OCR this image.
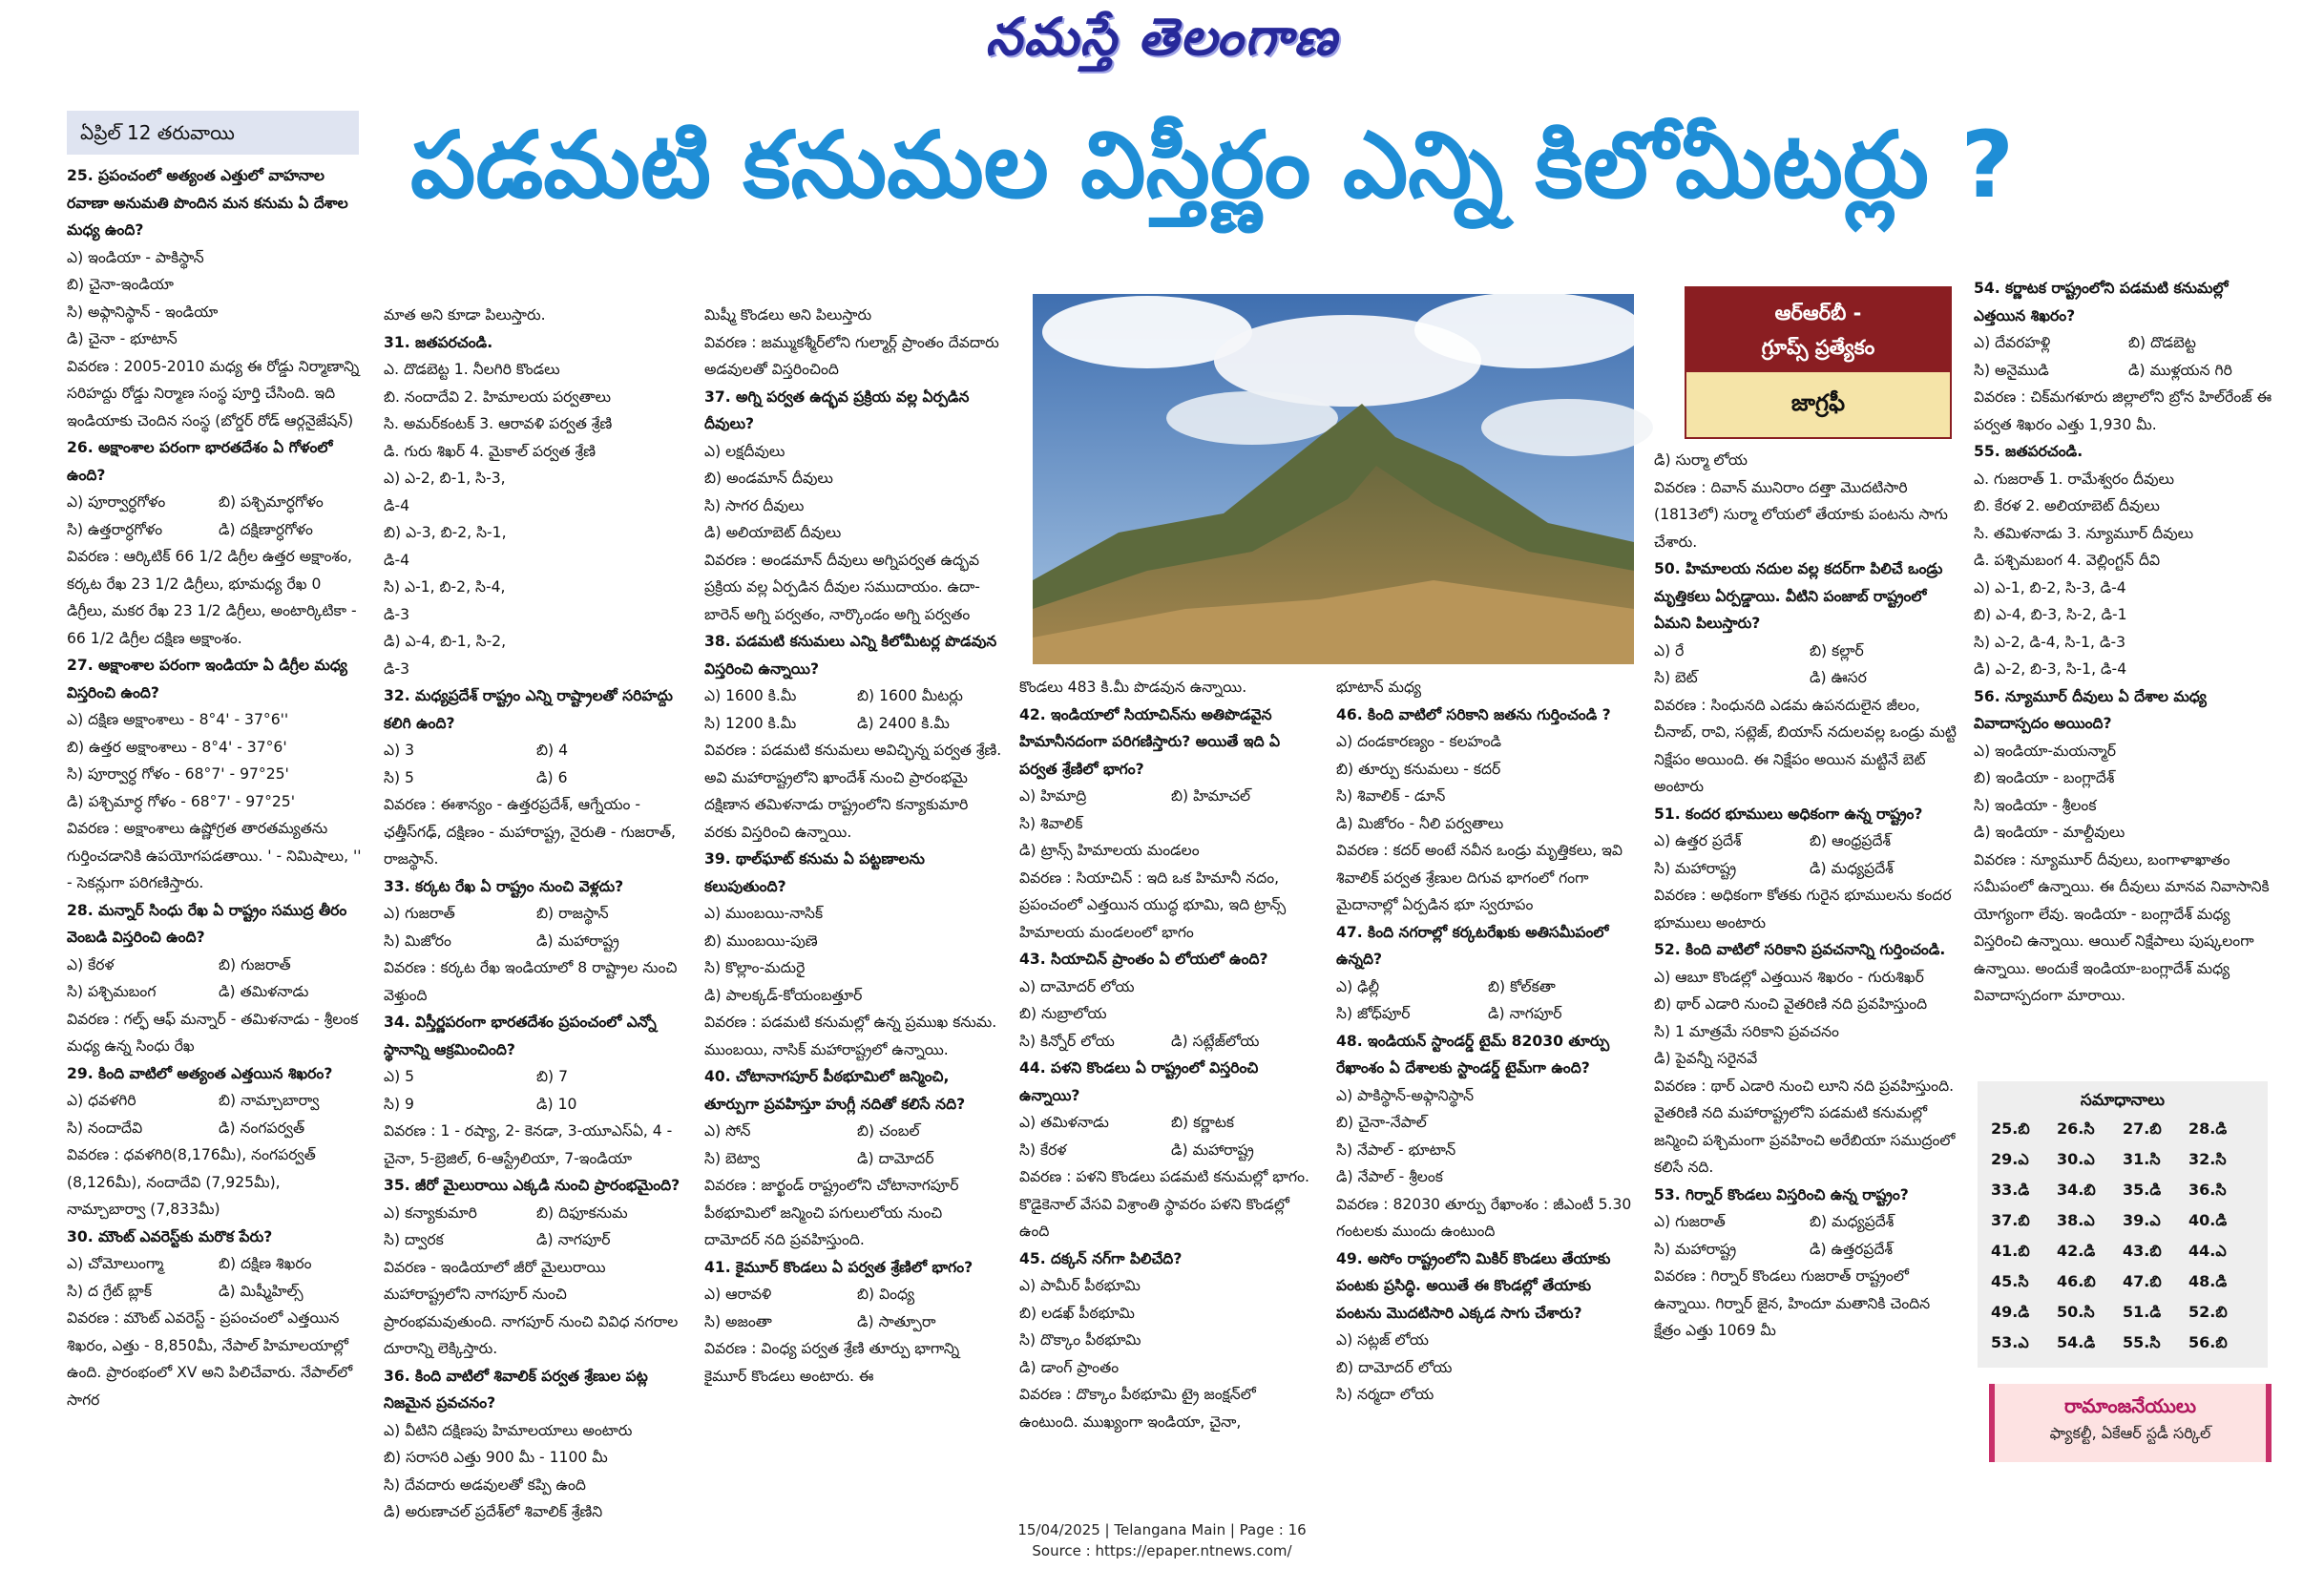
నమస్తే తెలంగాణ
ఏప్రిల్ 12 తరువాయి	పడమటి కనుమల విస్తీర్ణం ఎన్ని కిలోమీటర్లు ?

25. ప్రపంచంలో అత్యంత ఎత్తులో వాహనాల రవాణా అనుమతి పొందిన మన కనుమ ఏ దేశాల మధ్య ఉంది?

ఎ) ఇండియా - పాకిస్థాన్

బి) చైనా-ఇండియా

సి) అఫ్గానిస్థాన్ - ఇండియా

డి) చైనా - భూటాన్

వివరణ : 2005-2010 మధ్య ఈ రోడ్డు నిర్మాణాన్ని సరిహద్దు రోడ్డు నిర్మాణ సంస్థ పూర్తి చేసింది. ఇది ఇండియాకు చెందిన సంస్థ (బోర్డర్ రోడ్ ఆర్గనైజేషన్)

26. అక్షాంశాల పరంగా భారతదేశం ఏ గోళంలో ఉంది?

ఎ) పూర్వార్ధగోళం	బి) పశ్చిమార్ధగోళం
సి) ఉత్తరార్ధగోళం	డి) దక్షిణార్ధగోళం

వివరణ : ఆర్కిటిక్ 66 1/2 డిగ్రీల ఉత్తర అక్షాంశం, కర్కట రేఖ 23 1/2 డిగ్రీలు, భూమధ్య రేఖ 0 డిగ్రీలు, మకర రేఖ 23 1/2 డిగ్రీలు, అంటార్కిటికా - 66 1/2 డిగ్రీల దక్షిణ అక్షాంశం.

27. అక్షాంశాల పరంగా ఇండియా ఏ డిగ్రీల మధ్య విస్తరించి ఉంది?

ఎ) దక్షిణ అక్షాంశాలు - 8°4' - 37°6''

బి) ఉత్తర అక్షాంశాలు - 8°4' - 37°6'

సి) పూర్వార్ధ గోళం - 68°7' - 97°25'

డి) పశ్చిమార్ధ గోళం - 68°7' - 97°25'

వివరణ : అక్షాంశాలు ఉష్ణోగ్రత తారతమ్యతను గుర్తించడానికి ఉపయోగపడతాయి. ' - నిమిషాలు, '' - సెకన్లుగా పరిగణిస్తారు.

28. మన్నార్ సింధు రేఖ ఏ రాష్ట్రం సముద్ర తీరం వెంబడి విస్తరించి ఉంది?

ఎ) కేరళ	బి) గుజరాత్
సి) పశ్చిమబంగ	డి) తమిళనాడు

వివరణ : గల్ఫ్ ఆఫ్ మన్నార్ - తమిళనాడు - శ్రీలంక మధ్య ఉన్న సింధు రేఖ

29. కింది వాటిలో అత్యంత ఎత్తయిన శిఖరం?

ఎ) ధవళగిరి	బి) నామ్చాబార్వా
సి) నందాదేవి	డి) నంగపర్వత్

వివరణ : ధవళగిరి(8,176మీ), నంగపర్వత్ (8,126మీ), నందాదేవి (7,925మీ), నామ్చాబార్వా (7,833మీ)

30. మౌంట్ ఎవరెస్ట్‌కు మరొక పేరు?

ఎ) చోమోలుంగ్మా	బి) దక్షిణ శిఖరం
సి) ద గ్రేట్ బ్లాక్	డి) మిష్మీహిల్స్

వివరణ : మౌంట్ ఎవరెస్ట్ - ప్రపంచంలో ఎత్తయిన శిఖరం, ఎత్తు - 8,850మీ, నేపాల్ హిమాలయాల్లో ఉంది. ప్రారంభంలో XV అని పిలిచేవారు. నేపాల్‌లో సాగర

మాత అని కూడా పిలుస్తారు.

31. జతపరచండి.

ఎ. దొడబెట్ట 1. నీలగిరి కొండలు

బి. నందాదేవి 2. హిమాలయ పర్వతాలు

సి. అమర్‌కంటక్ 3. ఆరావళి పర్వత శ్రేణి

డి. గురు శిఖర్ 4. మైకాల్ పర్వత శ్రేణి

ఎ) ఎ-2, బి-1, సి-3, డి-4
బి) ఎ-3, బి-2, సి-1, డి-4
సి) ఎ-1, బి-2, సి-4, డి-3
డి) ఎ-4, బి-1, సి-2, డి-3

32. మధ్యప్రదేశ్ రాష్ట్రం ఎన్ని రాష్ట్రాలతో సరిహద్దు కలిగి ఉంది?

ఎ) 3	బి) 4
సి) 5	డి) 6

వివరణ : ఈశాన్యం - ఉత్తరప్రదేశ్, ఆగ్నేయం - ఛత్తీస్‌గఢ్, దక్షిణం - మహారాష్ట్ర, నైరుతి - గుజరాత్, రాజస్థాన్.

33. కర్కట రేఖ ఏ రాష్ట్రం నుంచి వెళ్లదు?

ఎ) గుజరాత్	బి) రాజస్థాన్
సి) మిజోరం	డి) మహారాష్ట్ర

వివరణ : కర్కట రేఖ ఇండియాలో 8 రాష్ట్రాల నుంచి వెళ్తుంది

34. విస్తీర్ణపరంగా భారతదేశం ప్రపంచంలో ఎన్నో స్థానాన్ని ఆక్రమించింది?

ఎ) 5	బి) 7
సి) 9	డి) 10

వివరణ : 1 - రష్యా, 2- కెనడా, 3-యూఎస్ఏ, 4 - చైనా, 5-బ్రెజిల్, 6-ఆస్ట్రేలియా, 7-ఇండియా

35. జీరో మైలురాయి ఎక్కడి నుంచి ప్రారంభమైంది?

ఎ) కన్యాకుమారి	బి) దిఫూకనుమ
సి) ద్వారక	డి) నాగపూర్

వివరణ - ఇండియాలో జీరో మైలురాయి మహారాష్ట్రలోని నాగపూర్ నుంచి ప్రారంభమవుతుంది. నాగపూర్ నుంచి వివిధ నగరాల దూరాన్ని లెక్కిస్తారు.

36. కింది వాటిలో శివాలిక్ పర్వత శ్రేణుల పట్ల నిజమైన ప్రవచనం?

ఎ) వీటిని దక్షిణపు హిమాలయాలు అంటారు

బి) సరాసరి ఎత్తు 900 మీ - 1100 మీ

సి) దేవదారు అడవులతో కప్పి ఉంది

డి) అరుణాచల్ ప్రదేశ్‌లో శివాలిక్ శ్రేణిని

మిష్మీ కొండలు అని పిలుస్తారు

వివరణ : జమ్ముకశ్మీర్‌లోని గుల్మార్గ్ ప్రాంతం దేవదారు అడవులతో విస్తరించింది

37. అగ్ని పర్వత ఉద్భవ ప్రక్రియ వల్ల ఏర్పడిన దీవులు?

ఎ) లక్షదీవులు

బి) అండమాన్ దీవులు

సి) సాగర దీవులు

డి) అలియాబెట్ దీవులు

వివరణ : అండమాన్ దీవులు అగ్నిపర్వత ఉద్భవ ప్రక్రియ వల్ల ఏర్పడిన దీవుల సముదాయం. ఉదా- బారెన్ అగ్ని పర్వతం, నార్కొండం అగ్ని పర్వతం

38. పడమటి కనుమలు ఎన్ని కిలోమీటర్ల పొడవున విస్తరించి ఉన్నాయి?

ఎ) 1600 కి.మీ	బి) 1600 మీటర్లు
సి) 1200 కి.మీ	డి) 2400 కి.మీ

వివరణ : పడమటి కనుమలు అవిచ్ఛిన్న పర్వత శ్రేణి. అవి మహారాష్ట్రలోని ఖాందేశ్ నుంచి ప్రారంభమై దక్షిణాన తమిళనాడు రాష్ట్రంలోని కన్యాకుమారి వరకు విస్తరించి ఉన్నాయి.

39. థాల్‌ఘాట్ కనుమ ఏ పట్టణాలను కలుపుతుంది?

ఎ) ముంబయి-నాసిక్

బి) ముంబయి-పుణె

సి) కొల్లాం-మదురై

డి) పాలక్కడ్-కోయంబత్తూర్

వివరణ : పడమటి కనుమల్లో ఉన్న ప్రముఖ కనుమ. ముంబయి, నాసిక్ మహారాష్ట్రలో ఉన్నాయి.

40. చోటానాగపూర్ పీఠభూమిలో జన్మించి, తూర్పుగా ప్రవహిస్తూ హుగ్లీ నదితో కలిసే నది?

ఎ) సోన్	బి) చంబల్
సి) బెట్వా	డి) దామోదర్

వివరణ : జార్ఖండ్ రాష్ట్రంలోని చోటానాగపూర్ పీఠభూమిలో జన్మించి పగులులోయ నుంచి దామోదర్ నది ప్రవహిస్తుంది.

41. కైమూర్ కొండలు ఏ పర్వత శ్రేణిలో భాగం?

ఎ) ఆరావళి	బి) వింధ్య
సి) అజంతా	డి) సాత్పూరా

వివరణ : వింధ్య పర్వత శ్రేణి తూర్పు భాగాన్ని కైమూర్ కొండలు అంటారు. ఈ

కొండలు 483 కి.మీ పొడవున ఉన్నాయి.

42. ఇండియాలో సియాచిన్‌ను అతిపొడవైన హిమానీనదంగా పరిగణిస్తారు? అయితే ఇది ఏ పర్వత శ్రేణిలో భాగం?

ఎ) హిమాద్రి	బి) హిమాచల్
సి) శివాలిక్

డి) ట్రాన్స్ హిమాలయ మండలం

వివరణ : సియాచిన్ : ఇది ఒక హిమానీ నదం, ప్రపంచంలో ఎత్తయిన యుద్ధ భూమి, ఇది ట్రాన్స్ హిమాలయ మండలంలో భాగం

43. సియాచిన్ ప్రాంతం ఏ లోయలో ఉంది?

ఎ) దామోదర్ లోయ

బి) నుబ్రాలోయ

సి) కిన్నోర్ లోయ	డి) సట్లేజ్‌లోయ

44. పళని కొండలు ఏ రాష్ట్రంలో విస్తరించి ఉన్నాయి?

ఎ) తమిళనాడు	బి) కర్ణాటక
సి) కేరళ	డి) మహారాష్ట్ర

వివరణ : పళని కొండలు పడమటి కనుమల్లో భాగం. కొడైకెనాల్ వేసవి విశ్రాంతి స్థావరం పళని కొండల్లో ఉంది

45. దక్కన్ నగ్‌గా పిలిచేది?

ఎ) పామీర్ పీఠభూమి

బి) లడఖ్ పీఠభూమి

సి) దొక్కాం పీఠభూమి

డి) డాంగ్ ప్రాంతం

వివరణ : దొక్కాం పీఠభూమి ట్రై జంక్షన్‌లో ఉంటుంది. ముఖ్యంగా ఇండియా, చైనా,

భూటాన్ మధ్య

46. కింది వాటిలో సరికాని జతను గుర్తించండి ?

ఎ) దండకారణ్యం - కలహండి

బి) తూర్పు కనుమలు - కదర్

సి) శివాలిక్ - డూన్

డి) మిజోరం - నీలి పర్వతాలు

వివరణ : కదర్ అంటే నవీన ఒండ్రు మృత్తికలు, ఇవి శివాలిక్ పర్వత శ్రేణుల దిగువ భాగంలో గంగా మైదానాల్లో ఏర్పడిన భూ స్వరూపం

47. కింది నగరాల్లో కర్కటరేఖకు అతిసమీపంలో ఉన్నది?

ఎ) ఢిల్లీ	బి) కోల్‌కతా
సి) జోధ్‌పూర్	డి) నాగపూర్

48. ఇండియన్ స్టాండర్డ్ టైమ్ 82030 తూర్పు రేఖాంశం ఏ దేశాలకు స్టాండర్డ్ టైమ్‌గా ఉంది?

ఎ) పాకిస్థాన్-అఫ్గానిస్థాన్

బి) చైనా-నేపాల్

సి) నేపాల్ - భూటాన్

డి) నేపాల్ - శ్రీలంక

వివరణ : 82030 తూర్పు రేఖాంశం : జీఎంటీ 5.30 గంటలకు ముందు ఉంటుంది

49. అసోం రాష్ట్రంలోని మికిర్ కొండలు తేయాకు పంటకు ప్రసిద్ధి. అయితే ఈ కొండల్లో తేయాకు పంటను మొదటిసారి ఎక్కడ సాగు చేశారు?

ఎ) సట్లజ్ లోయ

బి) దామోదర్ లోయ

సి) నర్మదా లోయ

డి) సుర్మా లోయ

వివరణ : దివాన్ మునిరాం దత్తా మొదటిసారి (1813లో) సుర్మా లోయలో తేయాకు పంటను సాగు చేశారు.

50. హిమాలయ నదుల వల్ల కదర్‌గా పిలిచే ఒండ్రు మృత్తికలు ఏర్పడ్డాయి. వీటిని పంజాబ్ రాష్ట్రంలో ఏమని పిలుస్తారు?

ఎ) రే	బి) కల్లార్
సి) బెట్	డి) ఊసర

వివరణ : సింధునది ఎడమ ఉపనదులైన జీలం, చీనాబ్, రావి, సట్లెజ్, బియాస్ నదులవల్ల ఒండ్రు మట్టి నిక్షేపం అయింది. ఈ నిక్షేపం అయిన మట్టినే బెట్ అంటారు

51. కందర భూములు అధికంగా ఉన్న రాష్ట్రం?

ఎ) ఉత్తర ప్రదేశ్	బి) ఆంధ్రప్రదేశ్
సి) మహారాష్ట్ర	డి) మధ్యప్రదేశ్

వివరణ : అధికంగా కోతకు గురైన భూములను కందర భూములు అంటారు

52. కింది వాటిలో సరికాని ప్రవచనాన్ని గుర్తించండి.

ఎ) ఆబూ కొండల్లో ఎత్తయిన శిఖరం - గురుశిఖర్

బి) థార్ ఎడారి నుంచి వైతరిణి నది ప్రవహిస్తుంది

సి) 1 మాత్రమే సరికాని ప్రవచనం

డి) పైవన్నీ సరైనవే

వివరణ : థార్ ఎడారి నుంచి లూని నది ప్రవహిస్తుంది. వైతరిణి నది మహారాష్ట్రలోని పడమటి కనుమల్లో జన్మించి పశ్చిమంగా ప్రవహించి అరేబియా సముద్రంలో కలిసే నది.

53. గిర్నార్ కొండలు విస్తరించి ఉన్న రాష్ట్రం?

ఎ) గుజరాత్	బి) మధ్యప్రదేశ్
సి) మహారాష్ట్ర	డి) ఉత్తరప్రదేశ్

వివరణ : గిర్నార్ కొండలు గుజరాత్ రాష్ట్రంలో ఉన్నాయి. గిర్నార్ జైన, హిందూ మతానికి చెందిన క్షేత్రం ఎత్తు 1069 మీ

54. కర్ణాటక రాష్ట్రంలోని పడమటి కనుమల్లో ఎత్తయిన శిఖరం?

ఎ) దేవరహళ్లి	బి) దొడబెట్ట
సి) అనైముడి	డి) ముళ్లయన గిరి

వివరణ : చిక్‌మగళూరు జిల్లాలోని బ్రోన హిల్‌రేంజ్ ఈ పర్వత శిఖరం ఎత్తు 1,930 మీ.

55. జతపరచండి.

ఎ. గుజరాత్ 1. రామేశ్వరం దీవులు

బి. కేరళ 2. అలియాబెట్ దీవులు

సి. తమిళనాడు 3. న్యూమూర్ దీవులు

డి. పశ్చిమబంగ 4. వెల్లింగ్టన్ దీవి

ఎ) ఎ-1, బి-2, సి-3, డి-4

బి) ఎ-4, బి-3, సి-2, డి-1

సి) ఎ-2, డి-4, సి-1, డి-3

డి) ఎ-2, బి-3, సి-1, డి-4

56. న్యూమూర్ దీవులు ఏ దేశాల మధ్య వివాదాస్పదం అయింది?

ఎ) ఇండియా-మయన్మార్

బి) ఇండియా - బంగ్లాదేశ్

సి) ఇండియా - శ్రీలంక

డి) ఇండియా - మాల్దీవులు

వివరణ : న్యూమూర్ దీవులు, బంగాళాఖాతం సమీపంలో ఉన్నాయి. ఈ దీవులు మానవ నివాసానికి యోగ్యంగా లేవు. ఇండియా - బంగ్లాదేశ్ మధ్య విస్తరించి ఉన్నాయి. ఆయిల్ నిక్షేపాలు పుష్కలంగా ఉన్నాయి. అందుకే ఇండియా-బంగ్లాదేశ్ మధ్య వివాదాస్పదంగా మారాయి.

ఆర్ఆర్‌బీ -
గ్రూప్స్ ప్రత్యేకం
జాగ్రఫీ
సమాధానాలు
25.బి	26.సి	27.బి	28.డి
29.ఎ	30.ఎ	31.సి	32.సి
33.డి	34.బి	35.డి	36.సి
37.బి	38.ఎ	39.ఎ	40.డి
41.బి	42.డి	43.బి	44.ఎ
45.సి	46.బి	47.బి	48.డి
49.డి	50.సి	51.డి	52.బి
53.ఎ	54.డి	55.సి	56.బి
రామాంజనేయులు
ఫ్యాకల్టీ, ఏకేఆర్ స్టడీ సర్కిల్
15/04/2025 | Telangana Main | Page : 16
Source : https://epaper.ntnews.com/
